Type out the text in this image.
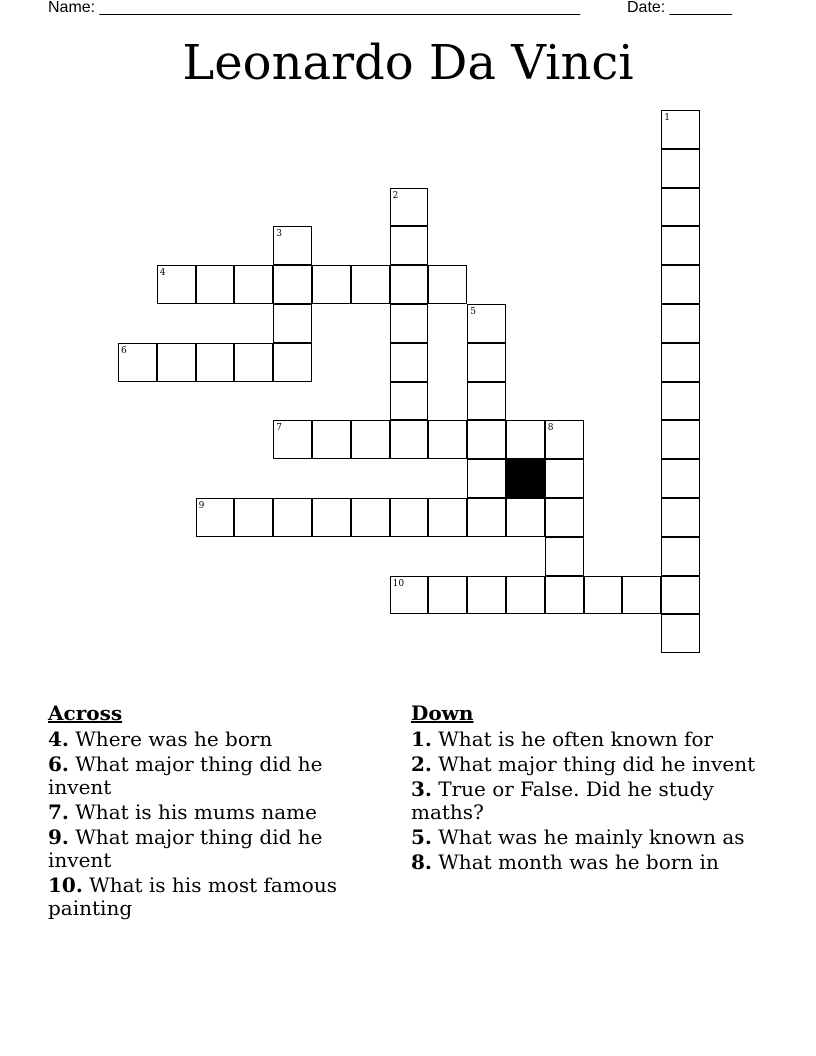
Name: ______________________________________________________	Date: _______
Leonardo Da Vinci
1
2
3
4
5
6
7	8
9
10
Across
4. Where was he born
6. What major thing did he invent
7. What is his mums name
9. What major thing did he invent
10. What is his most famous painting
Down
1. What is he often known for
2. What major thing did he invent
3. True or False. Did he study maths?
5. What was he mainly known as
8. What month was he born in
